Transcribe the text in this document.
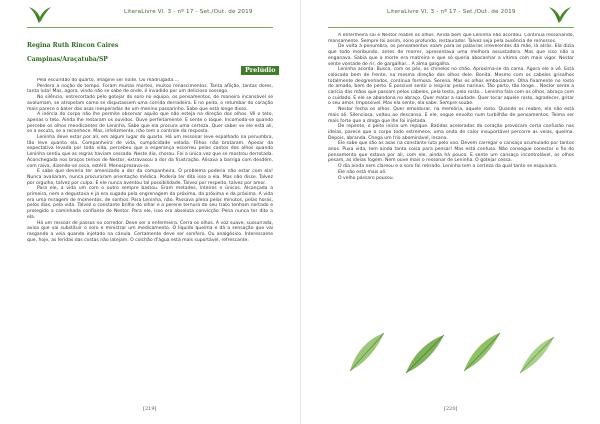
LiteraLivre Vl. 3 - nº 17 - Set./Out. de 2019
Regina Ruth Rincon Caires
Campinas/Araçatuba/SP
Prelúdio

Pela escuridão do quarto, imagine ser noite. Ou madrugada....

Perdera a noção do tempo. Foram muitas mortes, muitos renascimentos. Tanta aflição, tantas dores, tanta luta! Mas, agora, vindo não se sabe de onde, é invadido por um delicioso sossego.

No silêncio, entrecortado pelo gotejar do soro no equipo, os pensamentos, de maneira incansável se avolumam, se atropelam como se disputassem uma corrida derradeira. E no peito, o retumbar do coração mais parece o bater das asas inesperadas de um menino passarinho. Sabe que está longe disso.

A inércia do corpo não lhe permite observar aquilo que não esteja na direção dos olhos. Vê o teto, apenas o teto. Ainda lhe restaram os ouvidos. Ouve perfeitamente. E sente o toque. Incomoda-se quando percebe os olhos mendicantes de Leninha. Sabe que ela procura uma certeza. Quer saber se ele está ali, se a escuta, se a reconhece. Mas, infelizmente, não tem o controle da resposta.

Leninha deve estar por ali, em algum lugar do quarto. Há um ressonar leve espalhado na penumbra, tão leve quanto ela. Companheira de vida, cumplicidade velada. Filhos não brotaram. Apesar da expectativa levada por toda vida, percebeu que a esperança escorreu pelos cantos dos olhos quando Leninha sentiu que as regras haviam cessado. Neste dia, chorou. Foi a única vez que se mostrou derrotada. Aconchegada nos braços ternos de Nestor, extravasou a dor da frustração. Alisava a barriga com desdém, com raiva, dizendo-se seca, estéril. Menosprezava-se.

E sabe que deveria ter amenizado a dor da companheira. O problema poderia não estar com ela! Nunca avaliaram, nunca procuraram orientação médica. Poderia ter dito isso a ela. Mas não disse. Talvez por orgulho, talvez por culpa. E ele nunca aventou tal possibilidade. Talvez por respeito, talvez por amor.

Para ele, a vida um com o outro sempre bastou. Eram metades, inteiros e únicos. Alcançada a primeira, nem a degustava e já era sugado pela engrenagem da próxima, da próxima e da próxima. A vida era uma miragem de momentos, de sonhos. Para Leninha, não. Passava plena pelos minutos, pelas horas, pelos dias, pela vida. Talvez o constante brilho do olhar e a perene ternura do seu trato tenham nortado e protegido a caminhada confiante de Nestor. Para ele, isso era absoluta convicção. Pena nunca ter dito a ela.

Há um ressoar de passos no corredor. Deve ser a enfermeira. Cerra os olhos. A voz suave, sussurrada, avisa que vai substituir o soro e ministrar um medicamento. O líquido queima e dá a sensação que vai rasgando a veia quando injetado na cânula. Certamente deve ser sonífero. Ou analgésico. Interessante que, hoje, as feridas das costas não latejam. O colchão d'água está mais suportável, refrescante.

[219]
LiteraLivre Vl. 3 - nº 17 - Set./Out. de 2019

A enfermeira sai e Nestor reabre os olhos. Ainda bem que Leninha não acordou. Continua ressonando, mansamente. Sempre foi assim, sono profundo, restaurador. Talvez seja pela ausência de remorsos.

De volta à penumbra, os pensamentos voam para as palavras irreverentes da mãe, lá atrás. Ela dizia que todo moribundo, antes de morrer, apresentava uma melhora assustadora. Mas que isso não a enganava. Sabia que a morte era matreira e que só queria abocanhar a vítima com mais vigor. Nestor sente vontade de rir, de gargalhar... A alma gargalha.

Leninha acorda. Busca, com os pés, os chinelos no chão. Aproxima-se da cama. Agora ele a vê. Está colocado bem de frente, na mesma direção dos olhos dele. Bonita. Mesmo com os cabelos grisalhos totalmente desgrenhados, continua formosa. Serena. Mas os olhos embaciaram. Olha fixamente no rosto do amado, bem de perto. É possível sentir o respirar pelas narinas. Tão perto, tão longe... Nestor sente a carícia das mãos que passam pelos cabelos, pela testa, pelo rosto... Leninha fala com os olhos, abraça com o cuidado. E ele se abandona no abraço. Quer matar a saudade. Quer tocar aquele rosto, agradecer, gritar o seu amor. Impossível. Mas ela sente, ela sabe. Sempre soube.

Nestor fecha os olhos. Quer emoldurar, na memória, aquele rosto. Quando os reabre, ela não está mais ali. Silenciosa, voltou ao descanso. E ele, segue envolto num turbilhão de pensamentos. Teima ser mais forte que a droga que lhe foi injetada.

De repente, o peito inicia um repique. Batidas aceleradas do coração provocam certa confusão nas ideias, parece que o corpo todo estremece, uma onda de calor insuportável percorre as veias, queima. Depois, abranda. Chega um frio abominável, insano.

Ele sabe que são as asas na constante luta pelo voo. Devem carregar o cansaço acumulado por tantos anos. Puxa vida, tem ainda tanta coisa para pensar! Mas está confuso. Não consegue conectar o fio do pensamento que estava por ali, com ele, ainda há pouco. E sente um cansaço incontrolável, os olhos pesam, as ideias fogem. Nem ouve mais o ressonar de Leninha. O gotejar cessa.

O dia ainda nem clareou e o soro foi retirado. Leninha tem a certeza da qual tanto se esquivara.

Ele não está mais ali.

O velho pássaro pousou.

[220]
